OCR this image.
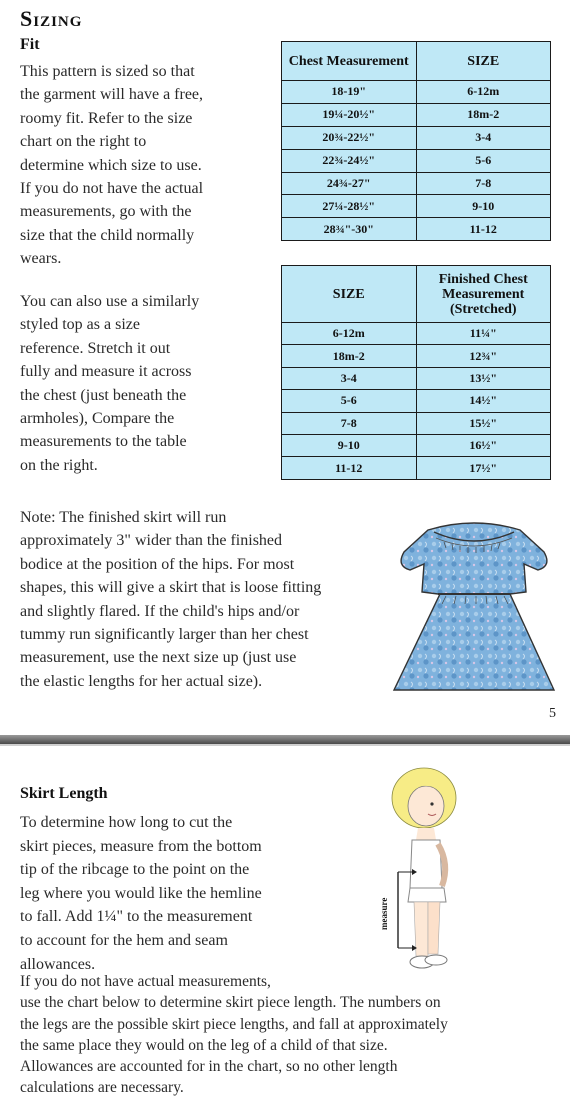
Sizing
Fit
This pattern is sized so that
the garment will have a free,
roomy fit. Refer to the size
chart on the right to
determine which size to use.
If you do not have the actual
measurements, go with the
size that the child normally
wears.
You can also use a similarly
styled top as a size
reference. Stretch it out
fully and measure it across
the chest (just beneath the
armholes), Compare the
measurements to the table
on the right.
Chest Measurement	SIZE
18-19"	6-12m
19¼-20½"	18m-2
20¾-22½"	3-4
22¾-24½"	5-6
24¾-27"	7-8
27¼-28½"	9-10
28¾"-30"	11-12
SIZE	Finished Chest Measurement (Stretched)
6-12m	11¼"
18m-2	12¾"
3-4	13½"
5-6	14½"
7-8	15½"
9-10	16½"
11-12	17½"
Note: The finished skirt will run
approximately 3" wider than the finished
bodice at the position of the hips. For most
shapes, this will give a skirt that is loose fitting
and slightly flared. If the child's hips and/or
tummy run significantly larger than her chest
measurement, use the next size up (just use
the elastic lengths for her actual size).
5
Skirt Length
To determine how long to cut the
skirt pieces, measure from the bottom
tip of the ribcage to the point on the
leg where you would like the hemline
to fall. Add 1¼" to the measurement
to account for the hem and seam
allowances.
measure
If you do not have actual measurements,
use the chart below to determine skirt piece length. The numbers on
the legs are the possible skirt piece lengths, and fall at approximately
the same place they would on the leg of a child of that size.
Allowances are accounted for in the chart, so no other length
calculations are necessary.
